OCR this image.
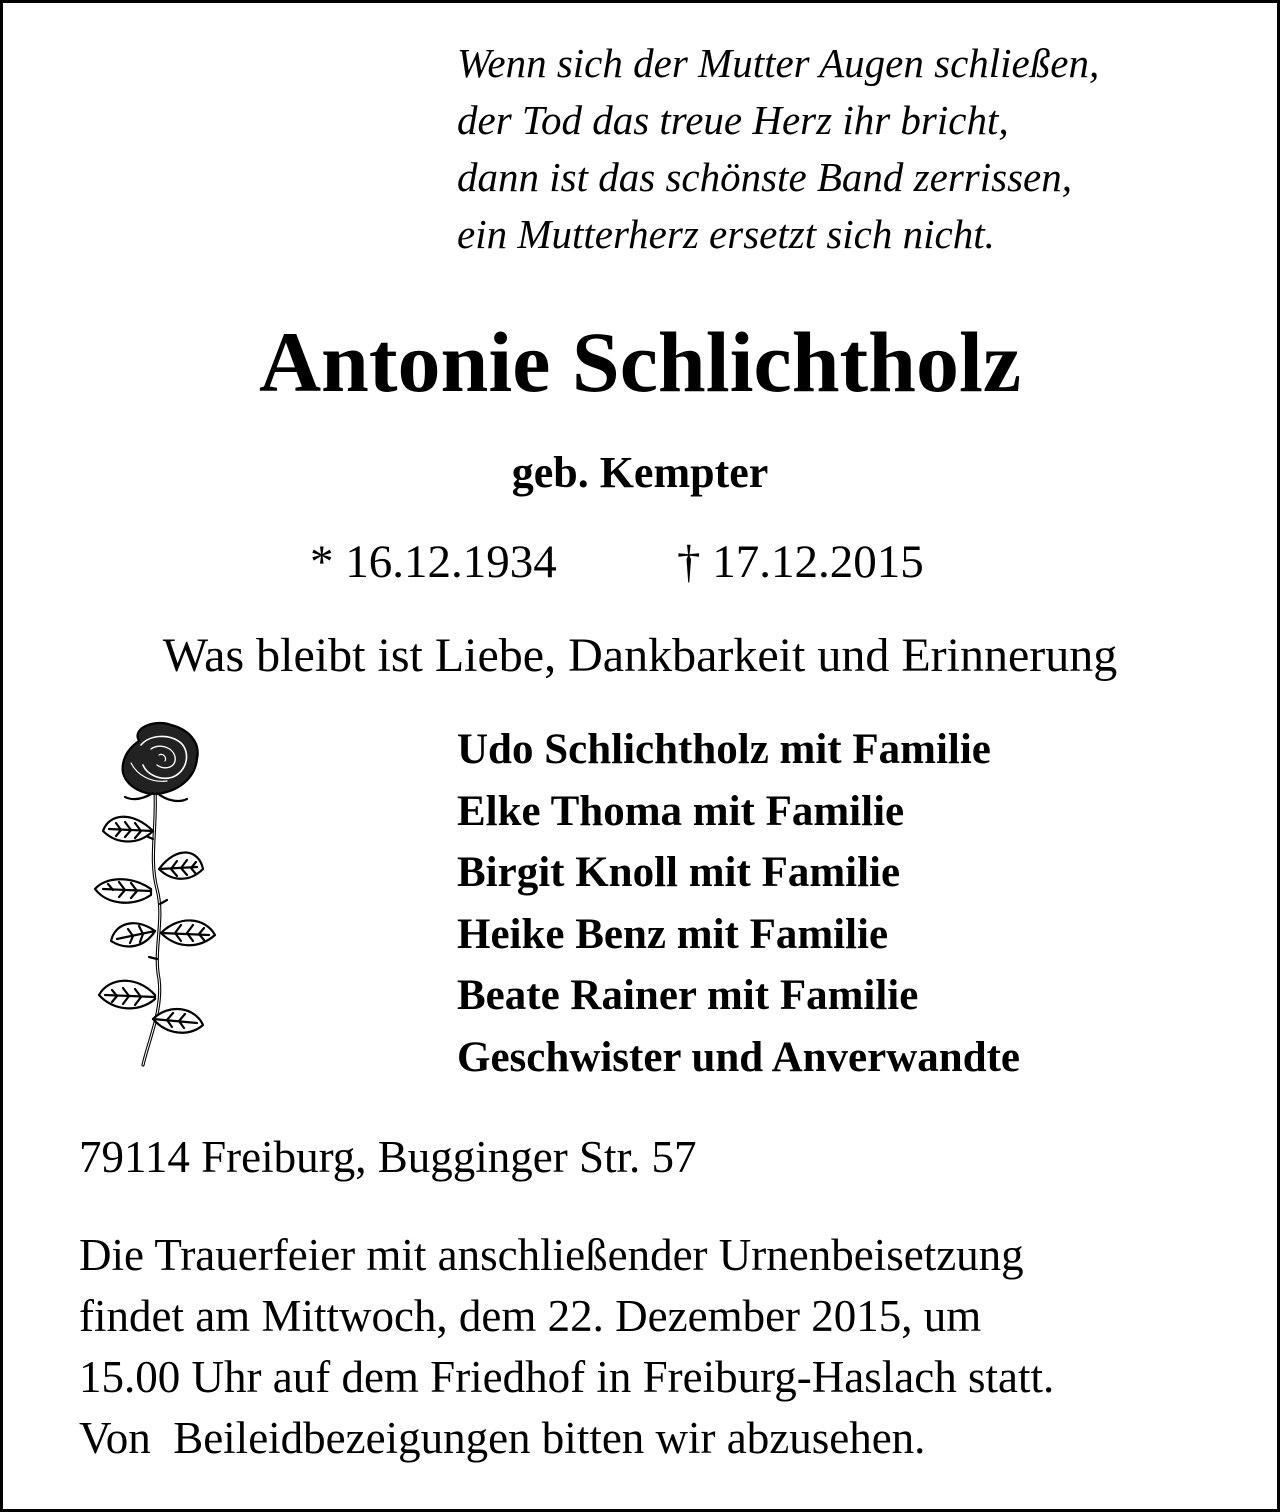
Wenn sich der Mutter Augen schließen,
der Tod das treue Herz ihr bricht,
dann ist das schönste Band zerrissen,
ein Mutterherz ersetzt sich nicht.
Antonie Schlichtholz
geb. Kempter
* 16.12.1934	† 17.12.2015
Was bleibt ist Liebe, Dankbarkeit und Erinnerung
Udo Schlichtholz mit Familie
Elke Thoma mit Familie
Birgit Knoll mit Familie
Heike Benz mit Familie
Beate Rainer mit Familie
Geschwister und Anverwandte
79114 Freiburg, Bugginger Str. 57
Die Trauerfeier mit anschließender Urnenbeisetzung
findet am Mittwoch, dem 22. Dezember 2015, um
15.00 Uhr auf dem Friedhof in Freiburg-Haslach statt.
Von  Beileidbezeigungen bitten wir abzusehen.
